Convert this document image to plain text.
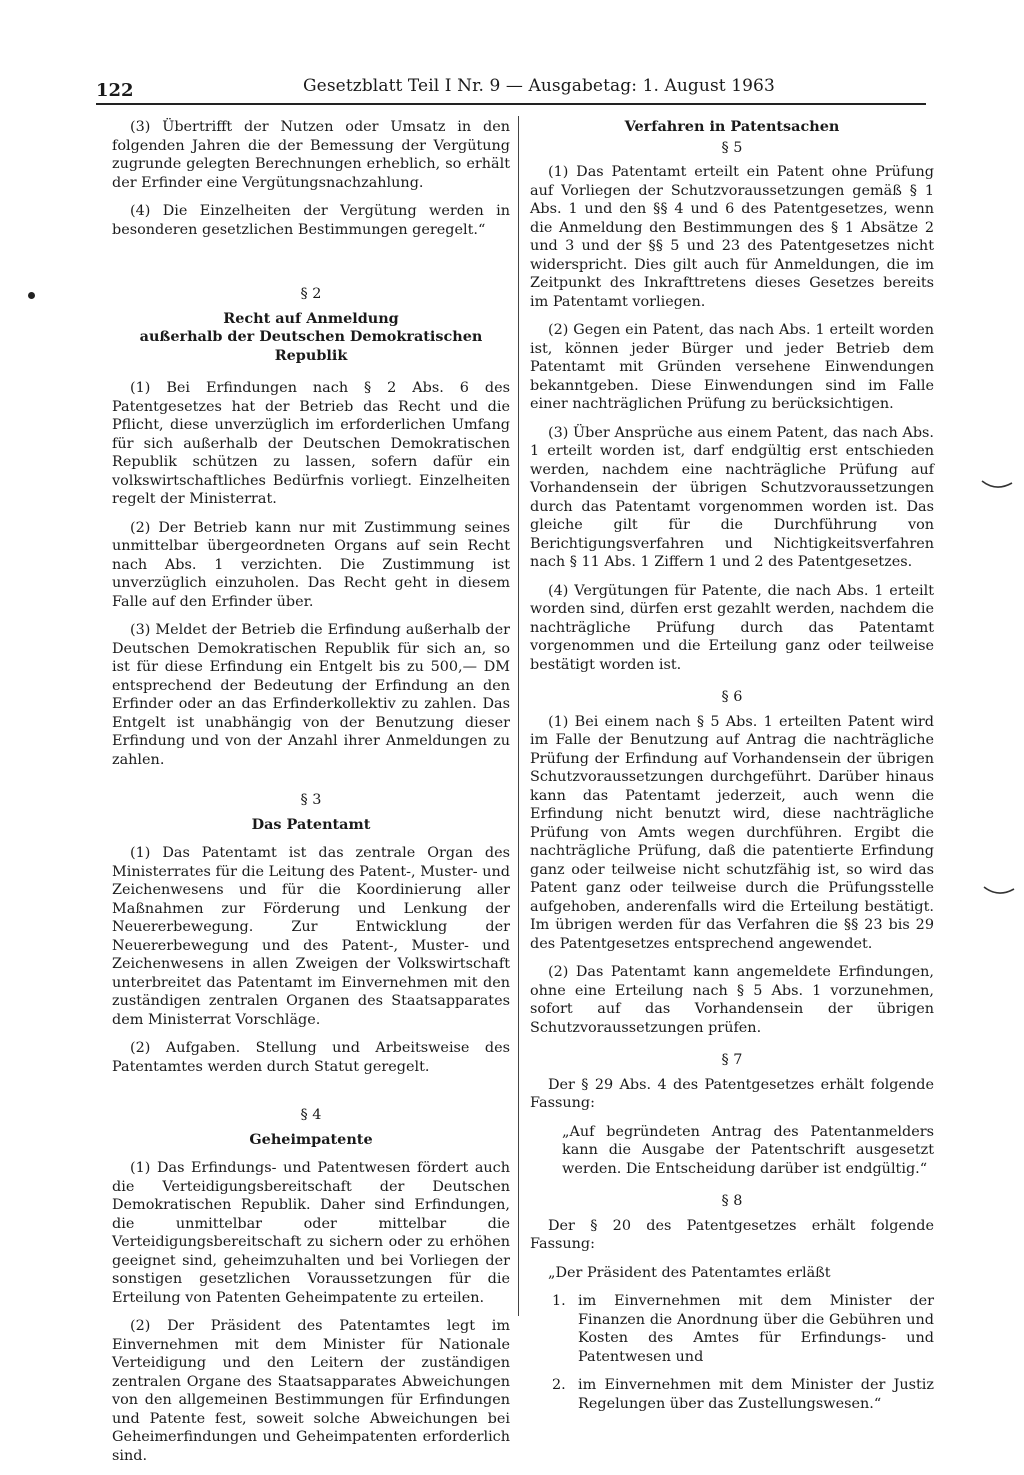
122	Gesetzblatt Teil I Nr. 9 — Ausgabetag: 1. August 1963

(3) Übertrifft der Nutzen oder Umsatz in den folgenden Jahren die der Bemessung der Vergütung zugrunde gelegten Berechnungen erheblich, so erhält der Erfinder eine Vergütungsnachzahlung.

(4) Die Einzelheiten der Vergütung werden in besonderen gesetzlichen Bestimmungen geregelt.“

§ 2
Recht auf Anmeldung
außerhalb der Deutschen Demokratischen Republik

(1) Bei Erfindungen nach § 2 Abs. 6 des Patentgesetzes hat der Betrieb das Recht und die Pflicht, diese unverzüglich im erforderlichen Umfang für sich außerhalb der Deutschen Demokratischen Republik schützen zu lassen, sofern dafür ein volkswirtschaftliches Bedürfnis vorliegt. Einzelheiten regelt der Ministerrat.

(2) Der Betrieb kann nur mit Zustimmung seines unmittelbar übergeordneten Organs auf sein Recht nach Abs. 1 verzichten. Die Zustimmung ist unverzüglich einzuholen. Das Recht geht in diesem Falle auf den Erfinder über.

(3) Meldet der Betrieb die Erfindung außerhalb der Deutschen Demokratischen Republik für sich an, so ist für diese Erfindung ein Entgelt bis zu 500,— DM entsprechend der Bedeutung der Erfindung an den Erfinder oder an das Erfinderkollektiv zu zahlen. Das Entgelt ist unabhängig von der Benutzung dieser Erfindung und von der Anzahl ihrer Anmeldungen zu zahlen.

§ 3
Das Patentamt

(1) Das Patentamt ist das zentrale Organ des Ministerrates für die Leitung des Patent-, Muster- und Zeichenwesens und für die Koordinierung aller Maßnahmen zur Förderung und Lenkung der Neuererbewegung. Zur Entwicklung der Neuererbewegung und des Patent-, Muster- und Zeichenwesens in allen Zweigen der Volkswirtschaft unterbreitet das Patentamt im Einvernehmen mit den zuständigen zentralen Organen des Staatsapparates dem Ministerrat Vorschläge.

(2) Aufgaben. Stellung und Arbeitsweise des Patentamtes werden durch Statut geregelt.

§ 4
Geheimpatente

(1) Das Erfindungs- und Patentwesen fördert auch die Verteidigungsbereitschaft der Deutschen Demokratischen Republik. Daher sind Erfindungen, die unmittelbar oder mittelbar die Verteidigungsbereitschaft zu sichern oder zu erhöhen geeignet sind, geheimzuhalten und bei Vorliegen der sonstigen gesetzlichen Voraussetzungen für die Erteilung von Patenten Geheimpatente zu erteilen.

(2) Der Präsident des Patentamtes legt im Einvernehmen mit dem Minister für Nationale Verteidigung und den Leitern der zuständigen zentralen Organe des Staatsapparates Abweichungen von den allgemeinen Bestimmungen für Erfindungen und Patente fest, soweit solche Abweichungen bei Geheimerfindungen und Geheimpatenten erforderlich sind.

Verfahren in Patentsachen
§ 5

(1) Das Patentamt erteilt ein Patent ohne Prüfung auf Vorliegen der Schutzvoraussetzungen gemäß § 1 Abs. 1 und den §§ 4 und 6 des Patentgesetzes, wenn die Anmeldung den Bestimmungen des § 1 Absätze 2 und 3 und der §§ 5 und 23 des Patentgesetzes nicht widerspricht. Dies gilt auch für Anmeldungen, die im Zeitpunkt des Inkrafttretens dieses Gesetzes bereits im Patentamt vorliegen.

(2) Gegen ein Patent, das nach Abs. 1 erteilt worden ist, können jeder Bürger und jeder Betrieb dem Patentamt mit Gründen versehene Einwendungen bekanntgeben. Diese Einwendungen sind im Falle einer nachträglichen Prüfung zu berücksichtigen.

(3) Über Ansprüche aus einem Patent, das nach Abs. 1 erteilt worden ist, darf endgültig erst entschieden werden, nachdem eine nachträgliche Prüfung auf Vorhandensein der übrigen Schutzvoraussetzungen durch das Patentamt vorgenommen worden ist. Das gleiche gilt für die Durchführung von Berichtigungsverfahren und Nichtigkeitsverfahren nach § 11 Abs. 1 Ziffern 1 und 2 des Patentgesetzes.

(4) Vergütungen für Patente, die nach Abs. 1 erteilt worden sind, dürfen erst gezahlt werden, nachdem die nachträgliche Prüfung durch das Patentamt vorgenommen und die Erteilung ganz oder teilweise bestätigt worden ist.

§ 6

(1) Bei einem nach § 5 Abs. 1 erteilten Patent wird im Falle der Benutzung auf Antrag die nachträgliche Prüfung der Erfindung auf Vorhandensein der übrigen Schutzvoraussetzungen durchgeführt. Darüber hinaus kann das Patentamt jederzeit, auch wenn die Erfindung nicht benutzt wird, diese nachträgliche Prüfung von Amts wegen durchführen. Ergibt die nachträgliche Prüfung, daß die patentierte Erfindung ganz oder teilweise nicht schutzfähig ist, so wird das Patent ganz oder teilweise durch die Prüfungsstelle aufgehoben, anderenfalls wird die Erteilung bestätigt. Im übrigen werden für das Verfahren die §§ 23 bis 29 des Patentgesetzes entsprechend angewendet.

(2) Das Patentamt kann angemeldete Erfindungen, ohne eine Erteilung nach § 5 Abs. 1 vorzunehmen, sofort auf das Vorhandensein der übrigen Schutzvoraussetzungen prüfen.

§ 7

Der § 29 Abs. 4 des Patentgesetzes erhält folgende Fassung:

„Auf begründeten Antrag des Patentanmelders kann die Ausgabe der Patentschrift ausgesetzt werden. Die Entscheidung darüber ist endgültig.“

§ 8

Der § 20 des Patentgesetzes erhält folgende Fassung:

„Der Präsident des Patentamtes erläßt

1. im Einvernehmen mit dem Minister der Finanzen die Anordnung über die Gebühren und Kosten des Amtes für Erfindungs- und Patentwesen und
2. im Einvernehmen mit dem Minister der Justiz Regelungen über das Zustellungswesen.“
